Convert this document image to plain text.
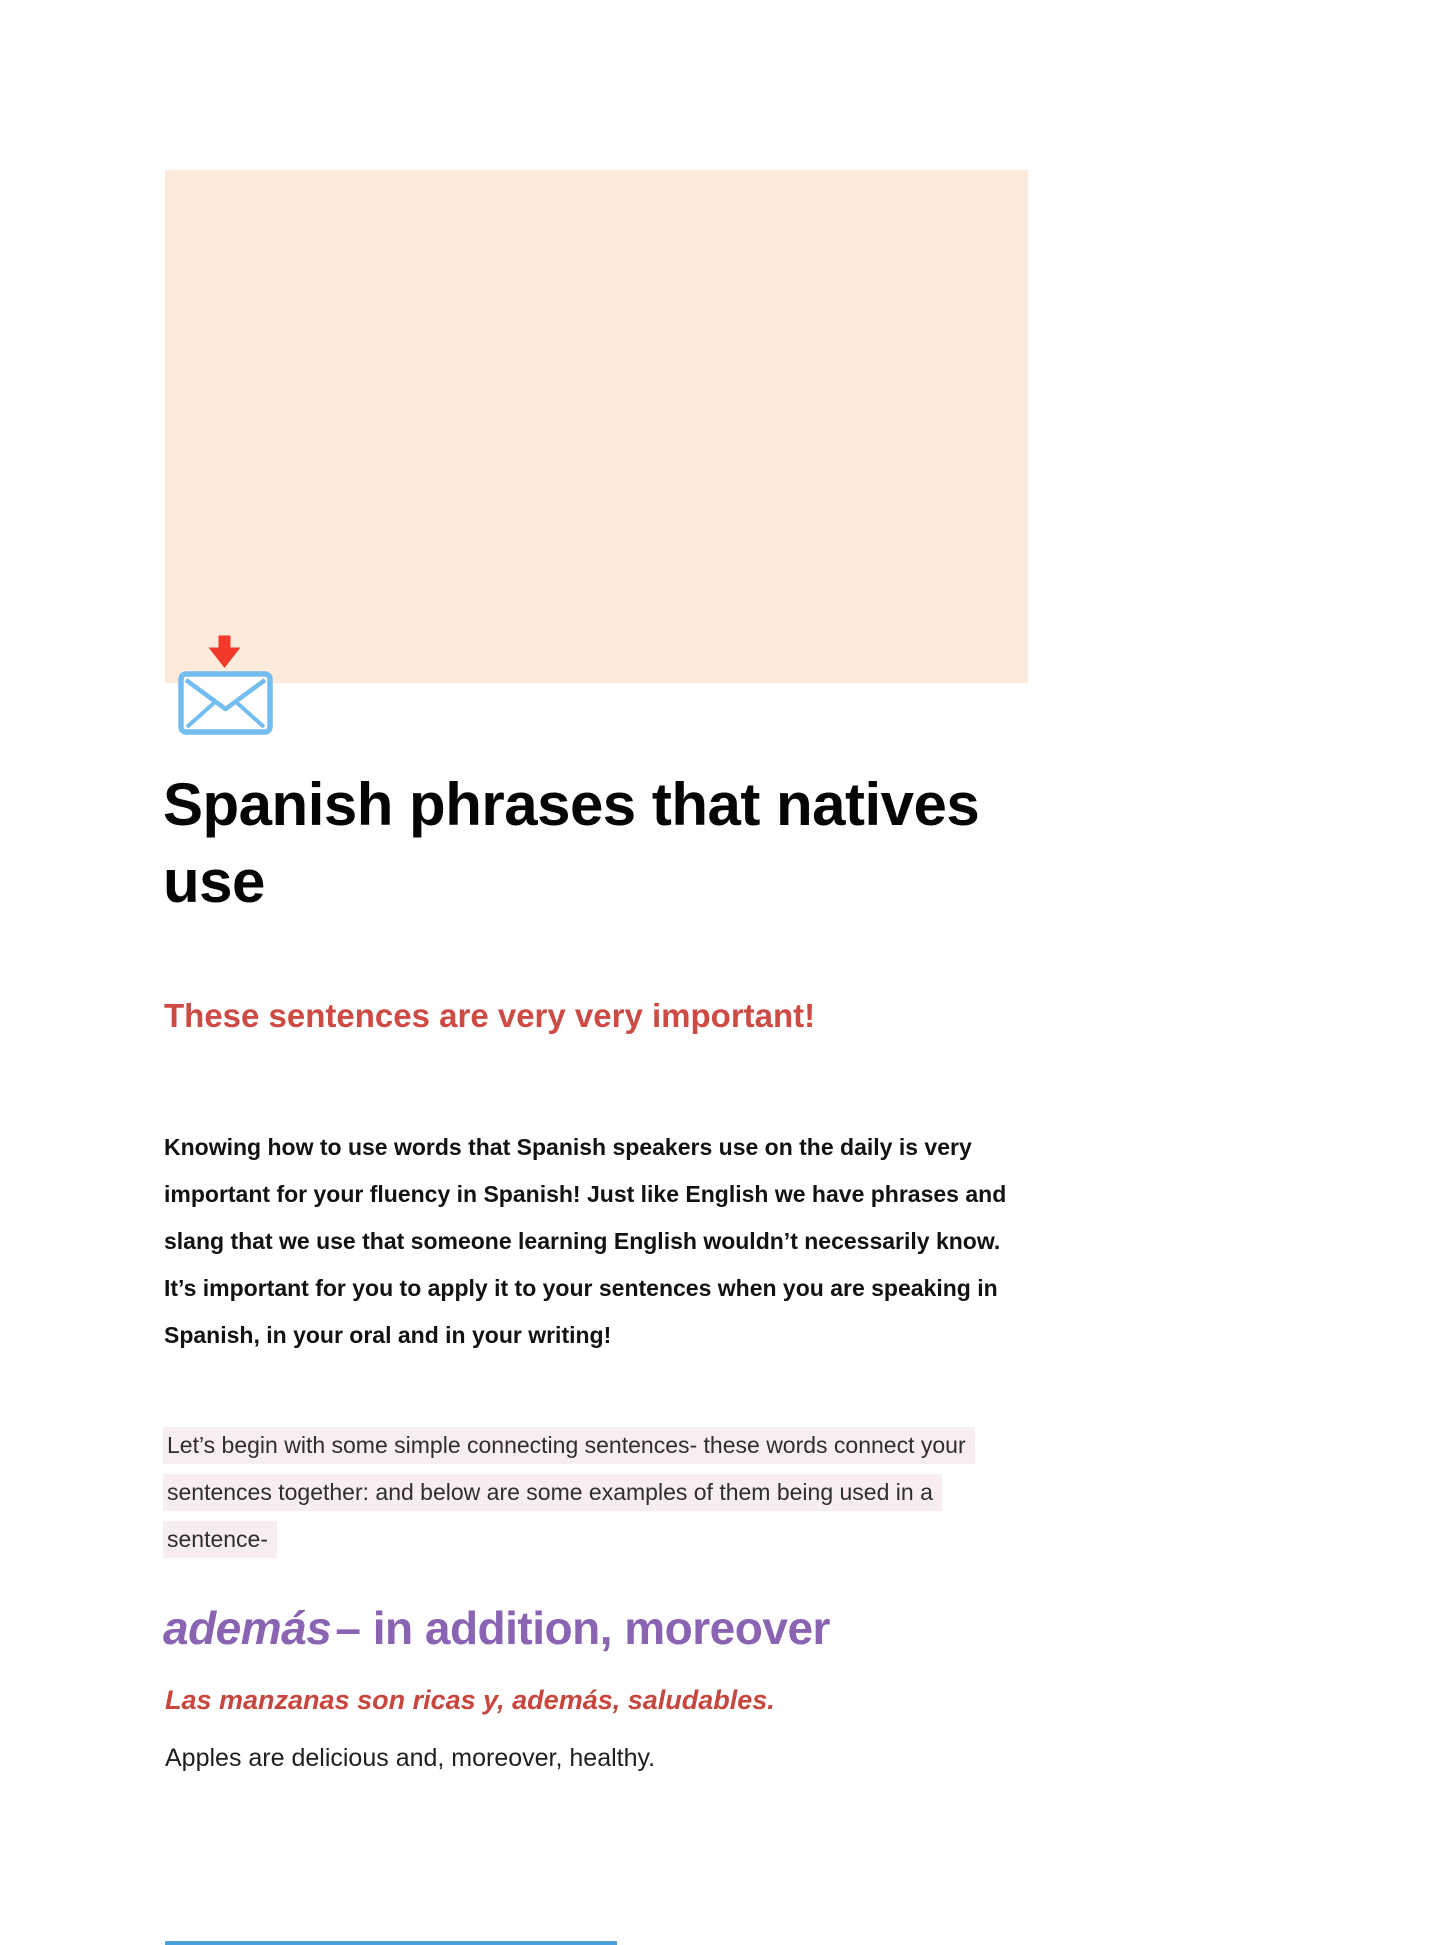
Spanish phrases that natives
use
These sentences are very very important!
Knowing how to use words that Spanish speakers use on the daily is very
important for your fluency in Spanish! Just like English we have phrases and
slang that we use that someone learning English wouldn’t necessarily know.
It’s important for you to apply it to your sentences when you are speaking in
Spanish, in your oral and in your writing!
Let’s begin with some simple connecting sentences- these words connect your
sentences together: and below are some examples of them being used in a
sentence-
además– in addition, moreover

Las manzanas son ricas y, además, saludables.

Apples are delicious and, moreover, healthy.
